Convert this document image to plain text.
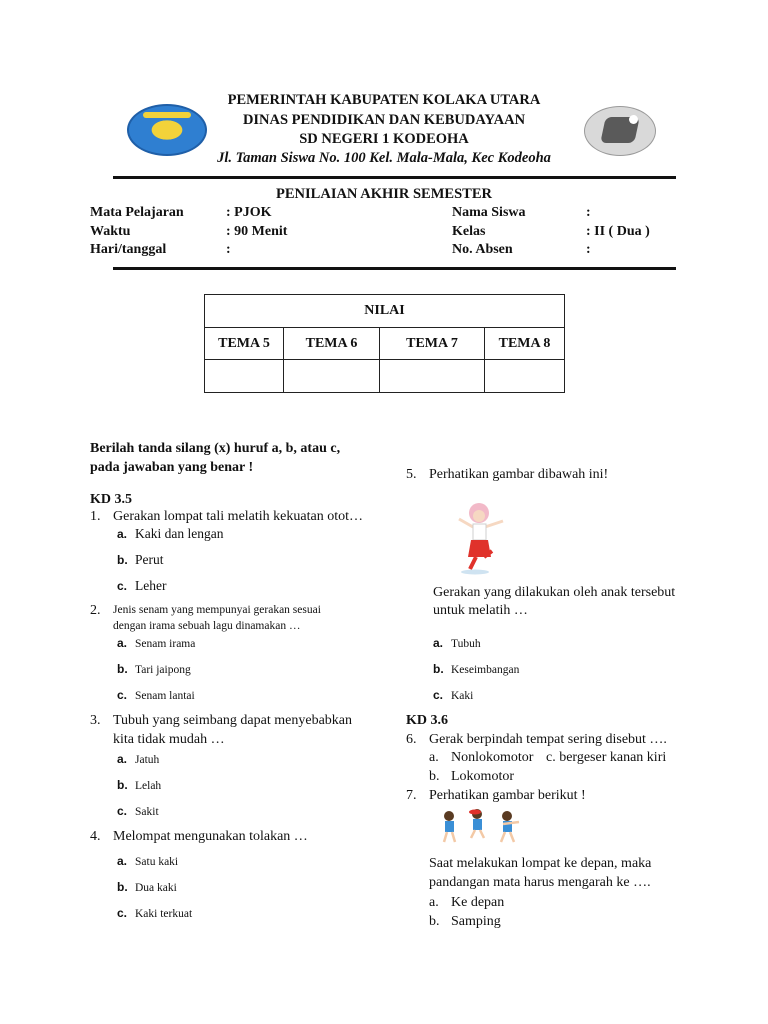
PEMERINTAH KABUPATEN KOLAKA UTARA
DINAS PENDIDIKAN DAN KEBUDAYAAN
SD NEGERI 1 KODEOHA
Jl. Taman Siswa No. 100 Kel. Mala-Mala, Kec Kodeoha
PENILAIAN AKHIR SEMESTER
Mata Pelajaran	: PJOK
Waktu	: 90 Menit
Hari/tanggal	:
Nama Siswa	:
Kelas	: II ( Dua )
No. Absen	:
NILAI			
TEMA 5	TEMA 6	TEMA 7	TEMA 8

Berilah tanda silang (x) huruf a, b, atau c,
pada jawaban yang benar !
KD 3.5
1. Gerakan lompat tali melatih kekuatan otot…
a. Kaki dan lengan
b. Perut
c. Leher
2. Jenis senam yang mempunyai gerakan sesuai
dengan irama sebuah lagu dinamakan …
a. Senam irama
b. Tari jaipong
c. Senam lantai
3. Tubuh yang seimbang dapat menyebabkan
kita tidak mudah …
a. Jatuh
b. Lelah
c. Sakit
4. Melompat mengunakan tolakan …
a. Satu kaki
b. Dua kaki
c. Kaki terkuat
5. Perhatikan gambar dibawah ini!
Gerakan yang dilakukan oleh anak tersebut
untuk melatih …
a. Tubuh
b. Keseimbangan
c. Kaki
KD 3.6
6. Gerak berpindah tempat sering disebut ….
a. Nonlokomotor c. bergeser kanan kiri
b. Lokomotor
7. Perhatikan gambar berikut !
Saat melakukan lompat ke depan, maka
pandangan mata harus mengarah ke ….
a. Ke depan
b. Samping
